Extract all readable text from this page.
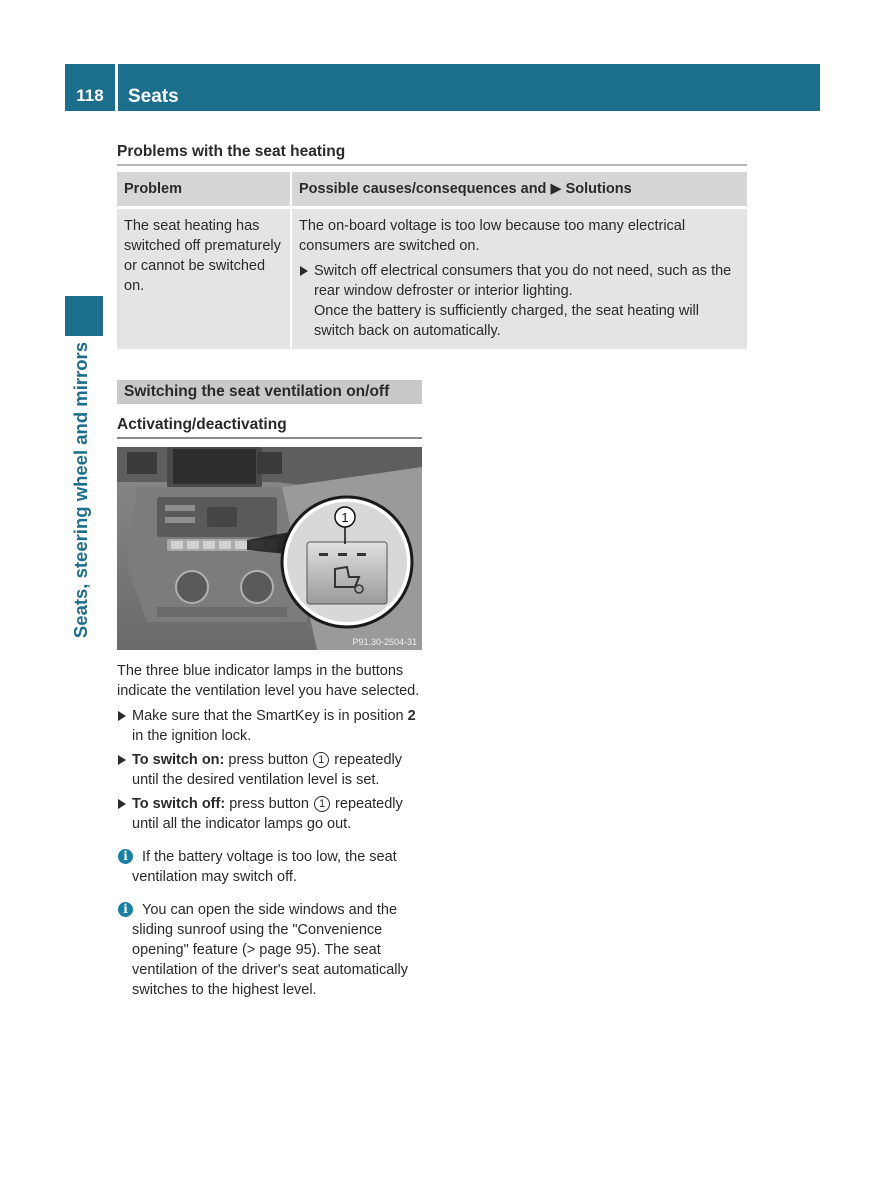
118	Seats
Seats, steering wheel and mirrors
Problems with the seat heating
Problem	Possible causes/consequences and ▶ Solutions
The seat heating has switched off prematurely or cannot be switched on.	The on-board voltage is too low because too many electrical consumers are switched on.
Switch off electrical consumers that you do not need, such as the rear window defroster or interior lighting.
Once the battery is sufficiently charged, the seat heating will switch back on automatically.
Switching the seat ventilation on/off
Activating/deactivating
1
P91.30-2504-31

The three blue indicator lamps in the buttons indicate the ventilation level you have selected.

Make sure that the SmartKey is in position 2 in the ignition lock.
To switch on: press button 1 repeatedly until the desired ventilation level is set.
To switch off: press button 1 repeatedly until all the indicator lamps go out.
i If the battery voltage is too low, the seat ventilation may switch off.
i You can open the side windows and the sliding sunroof using the "Convenience opening" feature (> page 95). The seat ventilation of the driver's seat automatically switches to the highest level.
